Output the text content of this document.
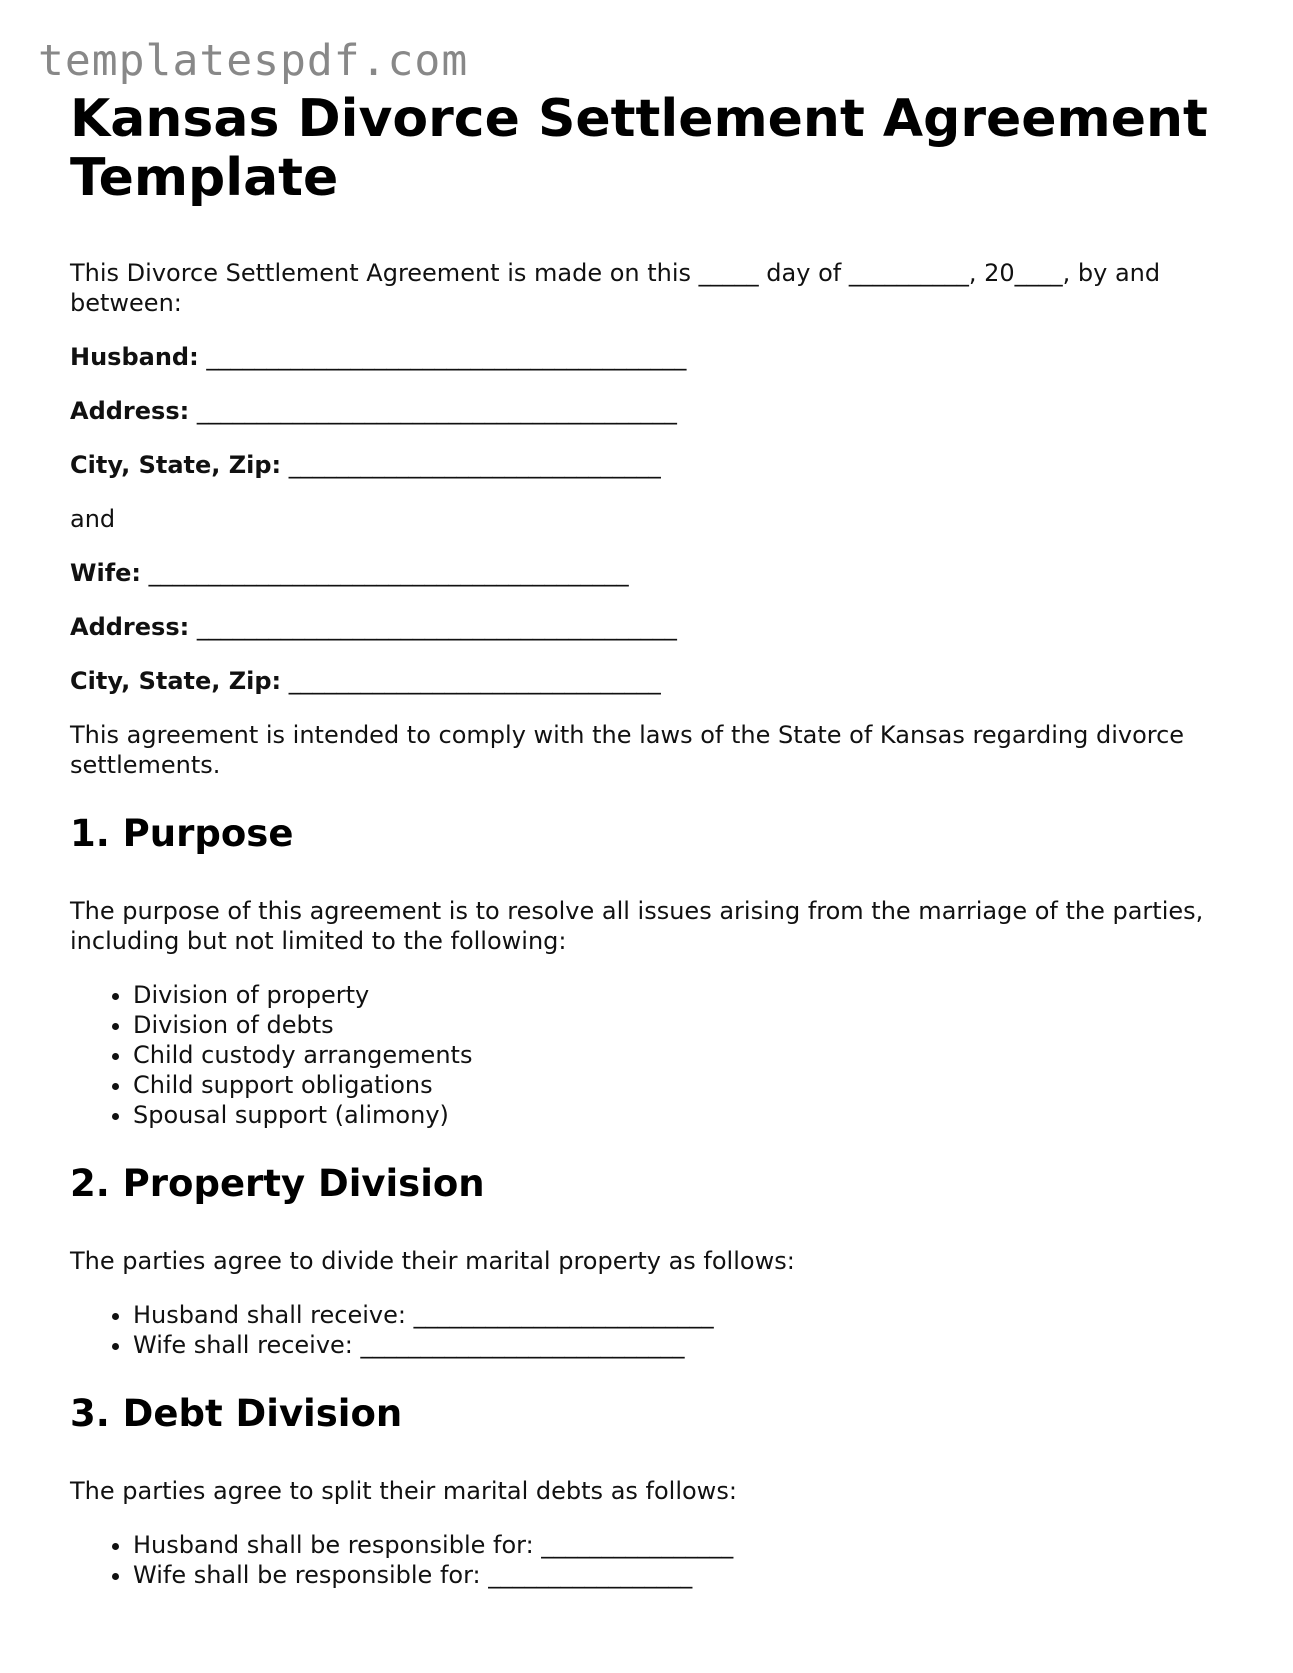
templatespdf.com
Kansas Divorce Settlement Agreement Template

This Divorce Settlement Agreement is made on this _____ day of __________, 20____, by and between:

Husband: ________________________________________
Address: ________________________________________
City, State, Zip: _______________________________

and

Wife: ________________________________________
Address: ________________________________________
City, State, Zip: _______________________________

This agreement is intended to comply with the laws of the State of Kansas regarding divorce settlements.

1. Purpose

The purpose of this agreement is to resolve all issues arising from the marriage of the parties, including but not limited to the following:

• Division of property
• Division of debts
• Child custody arrangements
• Child support obligations
• Spousal support (alimony)
2. Property Division

The parties agree to divide their marital property as follows:

• Husband shall receive: _________________________
• Wife shall receive: ___________________________
3. Debt Division

The parties agree to split their marital debts as follows:

• Husband shall be responsible for: ________________
• Wife shall be responsible for: _________________
